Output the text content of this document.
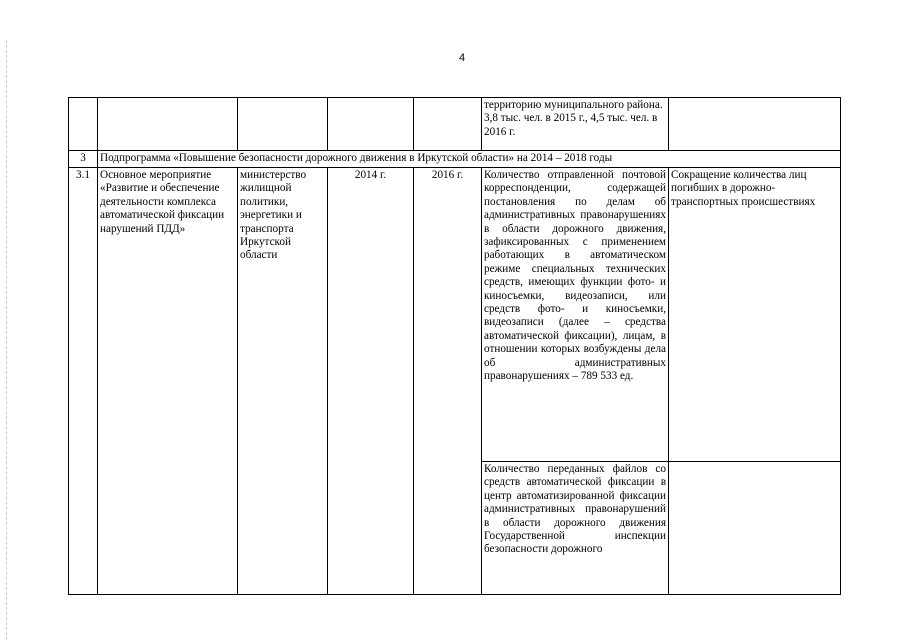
4
					территорию муниципального района. 3,8 тыс. чел. в 2015 г., 4,5 тыс. чел. в 2016 г.	
3	Подпрограмма «Повышение безопасности дорожного движения в Иркутской области» на 2014 – 2018 годы					
3.1	Основное мероприятие «Развитие и обеспечение деятельности комплекса автоматической фиксации нарушений ПДД»	министерство жилищной политики, энергетики и транспорта Иркутской области	2014 г.	2016 г.	Количество отправленной почтовой корреспонденции, содержащей постановления по делам об административных правонарушениях в области дорожного движения, зафиксированных с применением работающих в автоматическом режиме специальных технических средств, имеющих функции фото- и киносъемки, видеозаписи, или средств фото- и киносъемки, видеозаписи (далее – средства автоматической фиксации), лицам, в отношении которых возбуждены дела об административных правонарушениях – 789 533 ед.	Сокращение количества лиц погибших в дорожно-транспортных происшествиях
					Количество переданных файлов со средств автоматической фиксации в центр автоматизированной фиксации административных правонарушений в области дорожного движения Государственной инспекции безопасности дорожного	
